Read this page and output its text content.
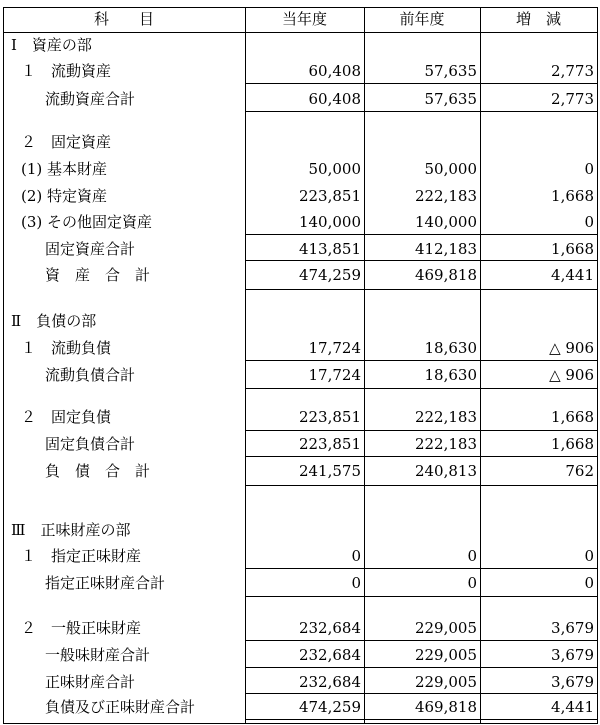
科　　目	当年度	前年度	増　減
Ⅰ　資産の部
１　流動資産	60,408	57,635	2,773
流動資産合計	60,408	57,635	2,773
２　固定資産
(1) 基本財産	50,000	50,000	0
(2) 特定資産	223,851	222,183	1,668
(3) その他固定資産	140,000	140,000	0
固定資産合計	413,851	412,183	1,668
資　産　合　計	474,259	469,818	4,441
Ⅱ　負債の部
１　流動負債	17,724	18,630	△ 906
流動負債合計	17,724	18,630	△ 906
２　固定負債	223,851	222,183	1,668
固定負債合計	223,851	222,183	1,668
負　債　合　計	241,575	240,813	762
Ⅲ　正味財産の部
１　指定正味財産	0	0	0
指定正味財産合計	0	0	0
２　一般正味財産	232,684	229,005	3,679
一般味財産合計	232,684	229,005	3,679
正味財産合計	232,684	229,005	3,679
負債及び正味財産合計	474,259	469,818	4,441
